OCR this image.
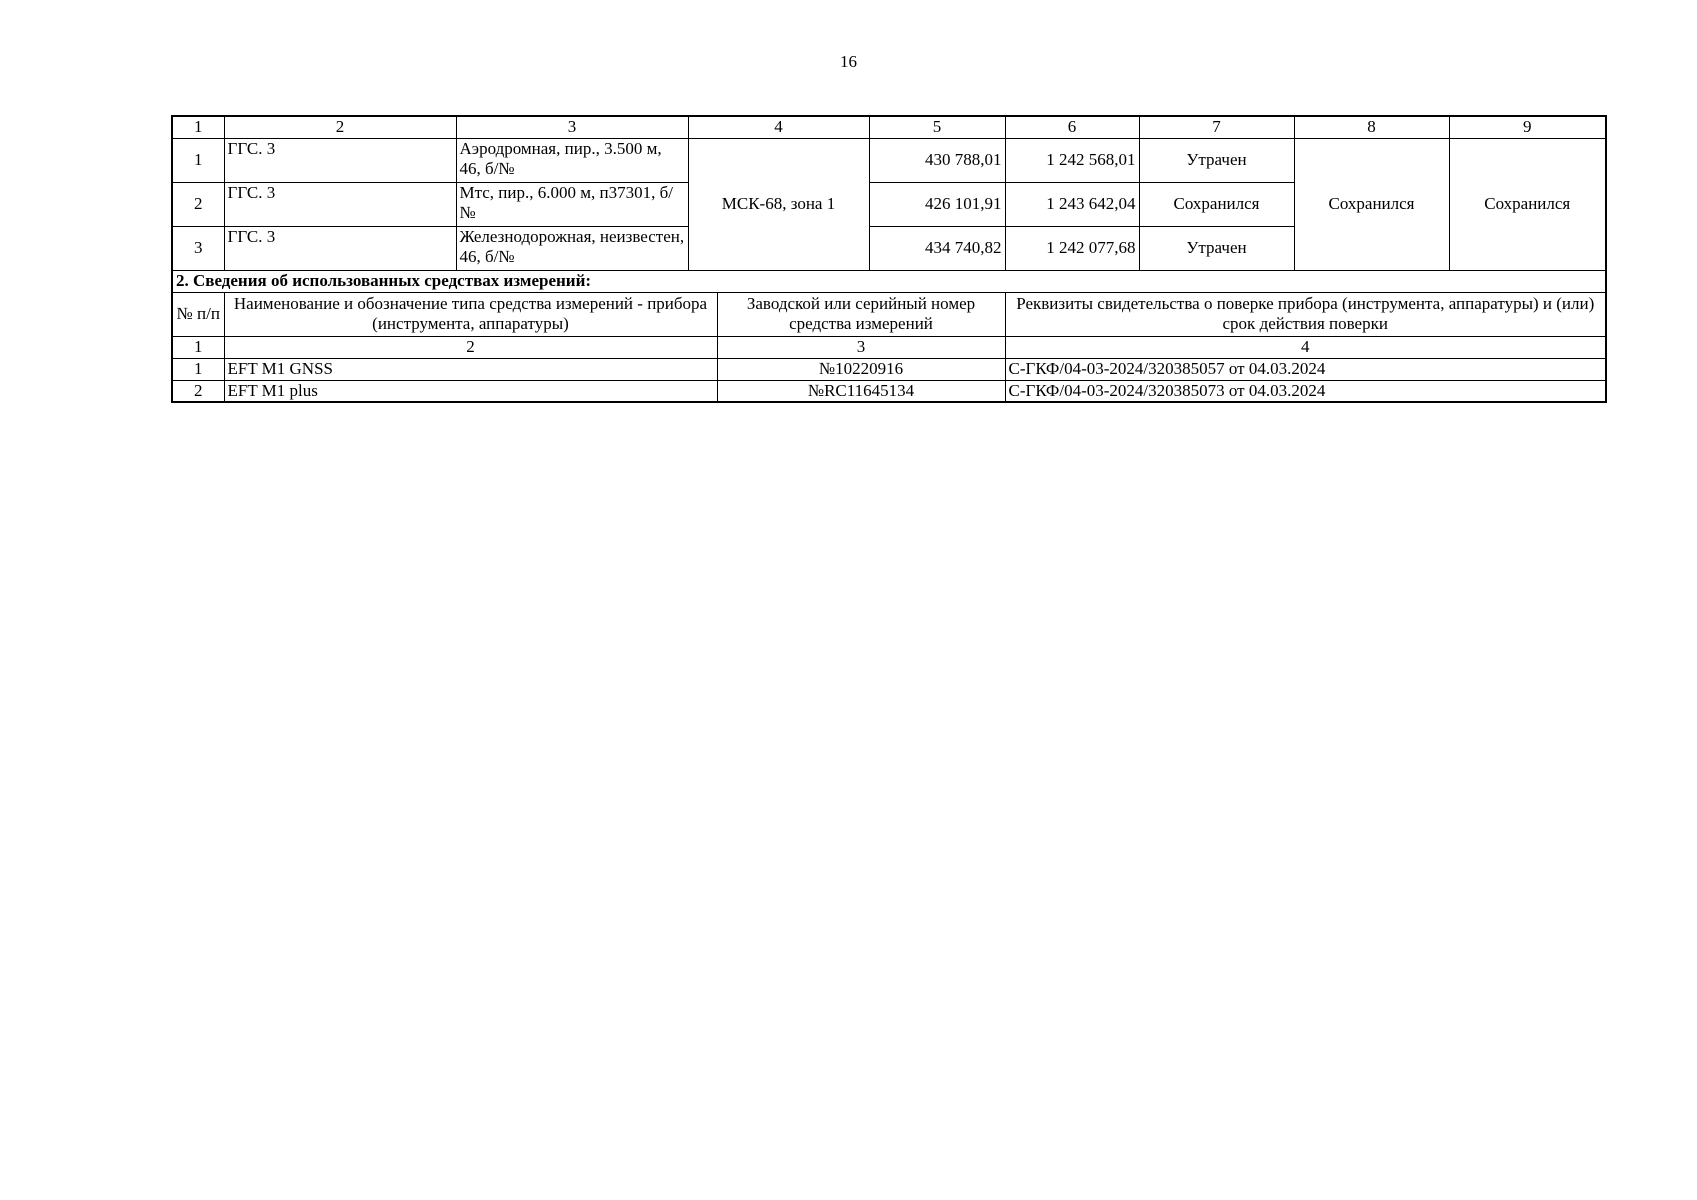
16
1	2	3	4		5	6	7	8	9
1	ГГС. 3	Аэродромная, пир., 3.500 м, 46, б/№	МСК-68, зона 1		430 788,01	1 242 568,01	Утрачен	Сохранился	Сохранился
2	ГГС. 3	Мтс, пир., 6.000 м, п37301, б/№			426 101,91	1 243 642,04	Сохранился		
3	ГГС. 3	Железнодорожная, неизвестен, 46, б/№			434 740,82	1 242 077,68	Утрачен		
2. Сведения об использованных средствах измерений:									
№ п/п	Наименование и обозначение типа средства измерений - прибора (инструмента, аппаратуры)			Заводской или серийный номер средства измерений		Реквизиты свидетельства о поверке прибора (инструмента, аппаратуры) и (или) срок действия поверки			
1	2			3		4			
1	EFT M1 GNSS			№10220916		С-ГКФ/04-03-2024/320385057 от 04.03.2024			
2	EFT M1 plus			№RC11645134		С-ГКФ/04-03-2024/320385073 от 04.03.2024			
